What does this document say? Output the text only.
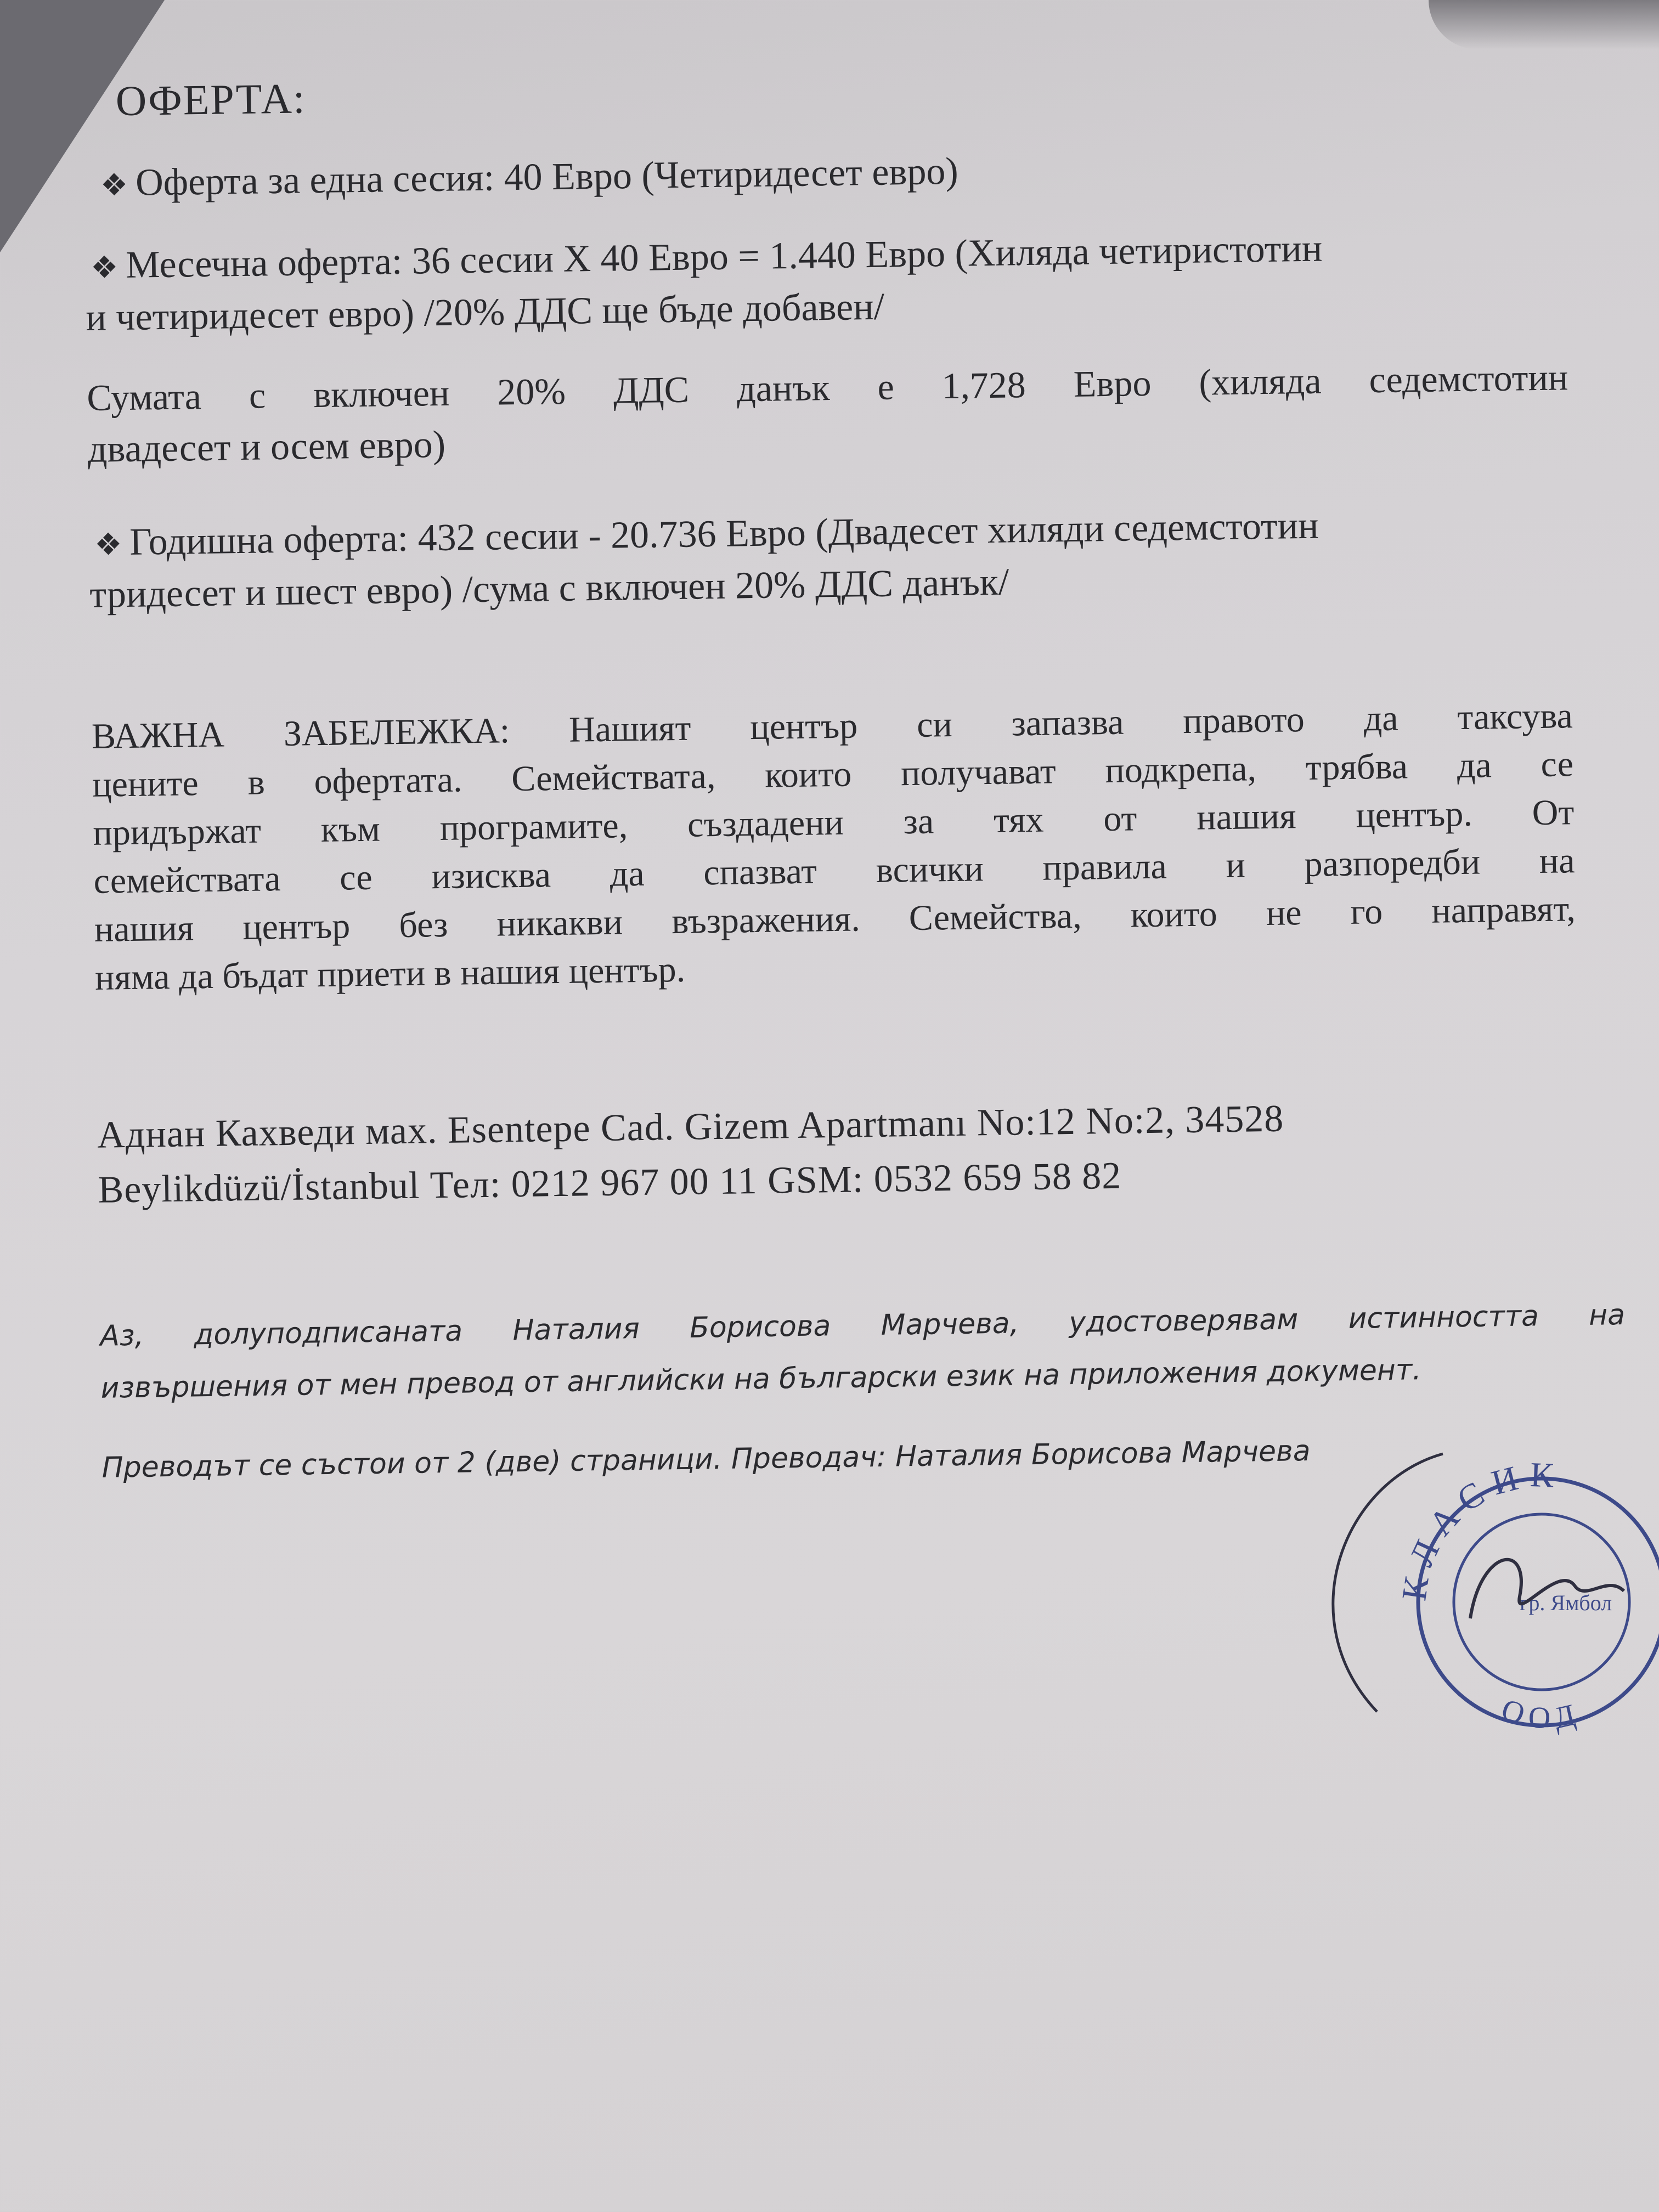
ОФЕРТА:
❖ Оферта за една сесия: 40 Евро (Четиридесет евро)
❖ Месечна оферта: 36 сесии X 40 Евро = 1.440 Евро (Хиляда четиристотин
и четиридесет евро) /20% ДДС ще бъде добавен/
Сумата с включен 20% ДДС данък е 1,728 Евро (хиляда седемстотин
двадесет и осем евро)
❖ Годишна оферта: 432 сесии - 20.736 Евро (Двадесет хиляди седемстотин
тридесет и шест евро) /сума с включен 20% ДДС данък/
ВАЖНА ЗАБЕЛЕЖКА: Нашият център си запазва правото да таксува
цените в офертата. Семействата, които получават подкрепа, трябва да се
придържат към програмите, създадени за тях от нашия център. От
семействата се изисква да спазват всички правила и разпоредби на
нашия център без никакви възражения. Семейства, които не го направят,
няма да бъдат приети в нашия център.
Аднан Кахведи мах. Esentepe Cad. Gizem Apartmanı No:12 No:2, 34528
Beylikdüzü/İstanbul Тел: 0212 967 00 11 GSM: 0532 659 58 82
Аз, долуподписаната Наталия Борисова Марчева, удостоверявам истинността на
извършения от мен превод от английски на български език на приложения документ.
Преводът се състои от 2 (две) страници. Преводач: Наталия Борисова Марчева
КЛАСИК
гр. Ямбол
ООД
